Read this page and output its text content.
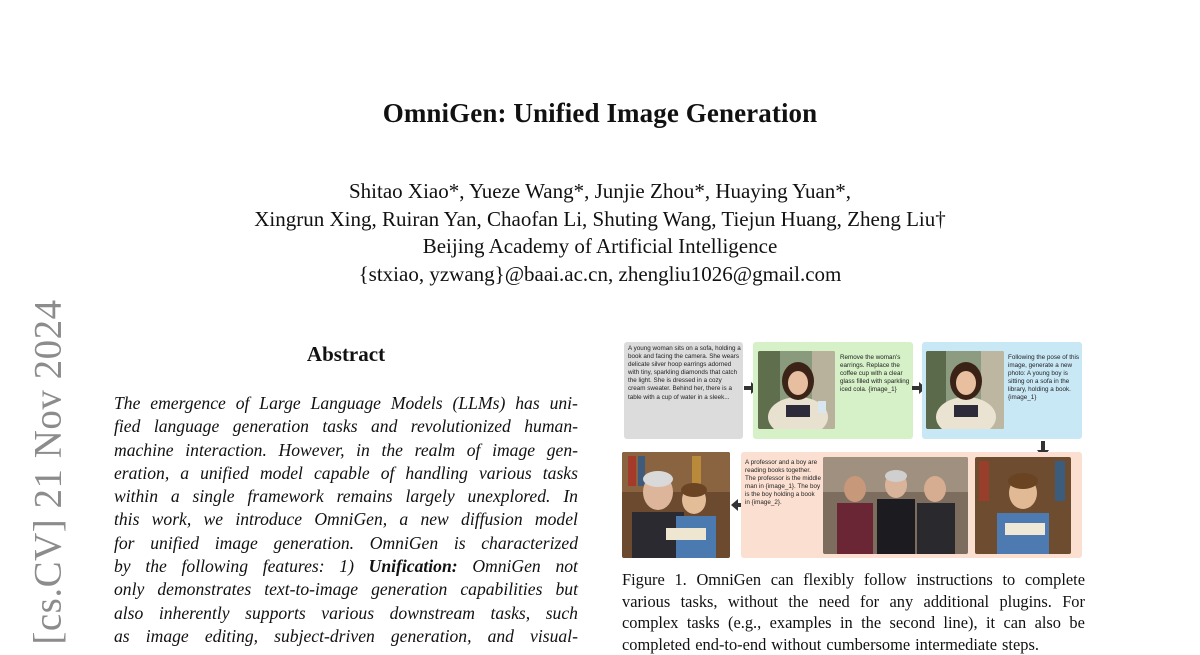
OmniGen: Unified Image Generation
Shitao Xiao*, Yueze Wang*, Junjie Zhou*, Huaying Yuan*,
Xingrun Xing, Ruiran Yan, Chaofan Li, Shuting Wang, Tiejun Huang, Zheng Liu†
Beijing Academy of Artificial Intelligence
{stxiao, yzwang}@baai.ac.cn, zhengliu1026@gmail.com
[cs.CV] 21 Nov 2024	Abstract
The emergence of Large Language Models (LLMs) has uni-
fied language generation tasks and revolutionized human-
machine interaction. However, in the realm of image gen-
eration, a unified model capable of handling various tasks
within a single framework remains largely unexplored. In
this work, we introduce OmniGen, a new diffusion model
for unified image generation. OmniGen is characterized
by the following features: 1) Unification: OmniGen not
only demonstrates text-to-image generation capabilities but
also inherently supports various downstream tasks, such
as image editing, subject-driven generation, and visual-
A young woman sits on a sofa, holding a book and facing the camera. She wears delicate silver hoop earrings adorned with tiny, sparkling diamonds that catch the light. She is dressed in a cozy cream sweater. Behind her, there is a table with a cup of water in a sleek...
Remove the woman's earrings. Replace the coffee cup with a clear glass filled with sparkling iced cola. {image_1}
Following the pose of this image, generate a new photo: A young boy is sitting on a sofa in the library, holding a book. {image_1}
A professor and a boy are reading books together. The professor is the middle man in {image_1}. The boy is the boy holding a book in {image_2}.
Figure 1. OmniGen can flexibly follow instructions to complete
various tasks, without the need for any additional plugins. For
complex tasks (e.g., examples in the second line), it can also be
completed end-to-end without cumbersome intermediate steps.
